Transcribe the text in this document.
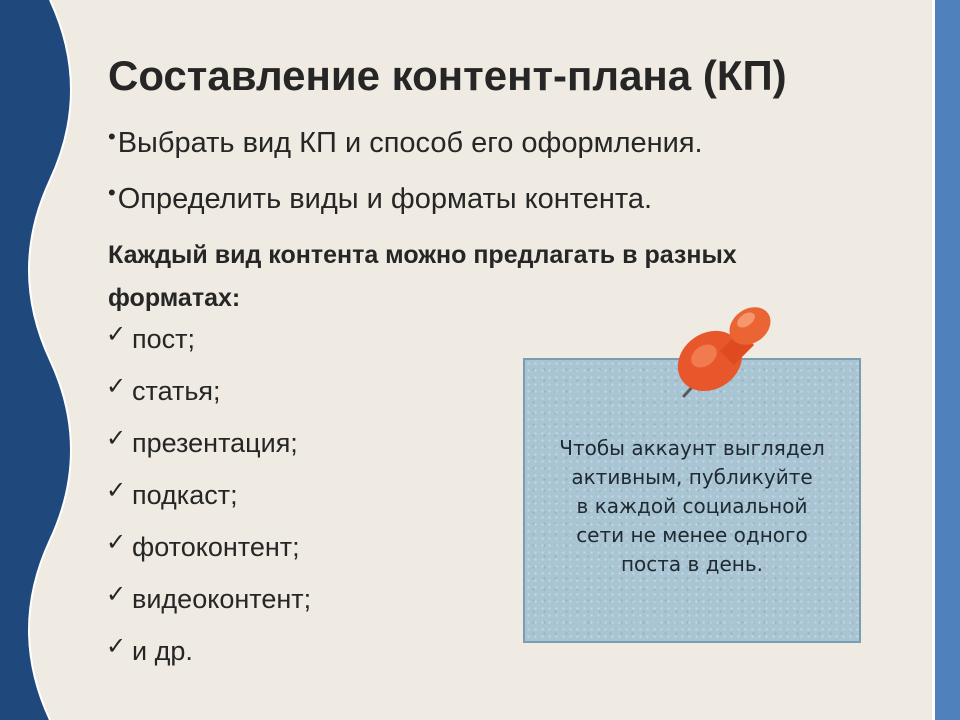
Составление контент-плана (КП)
•Выбрать вид КП и способ его оформления.
•Определить виды и форматы контента.

Каждый вид контента можно предлагать в разных форматах:

✓ пост;
✓ статья;
✓ презентация;
✓ подкаст;
✓ фотоконтент;
✓ видеоконтент;
✓ и др.

Чтобы аккаунт выглядел
активным, публикуйте
в каждой социальной
сети не менее одного
поста в день.
